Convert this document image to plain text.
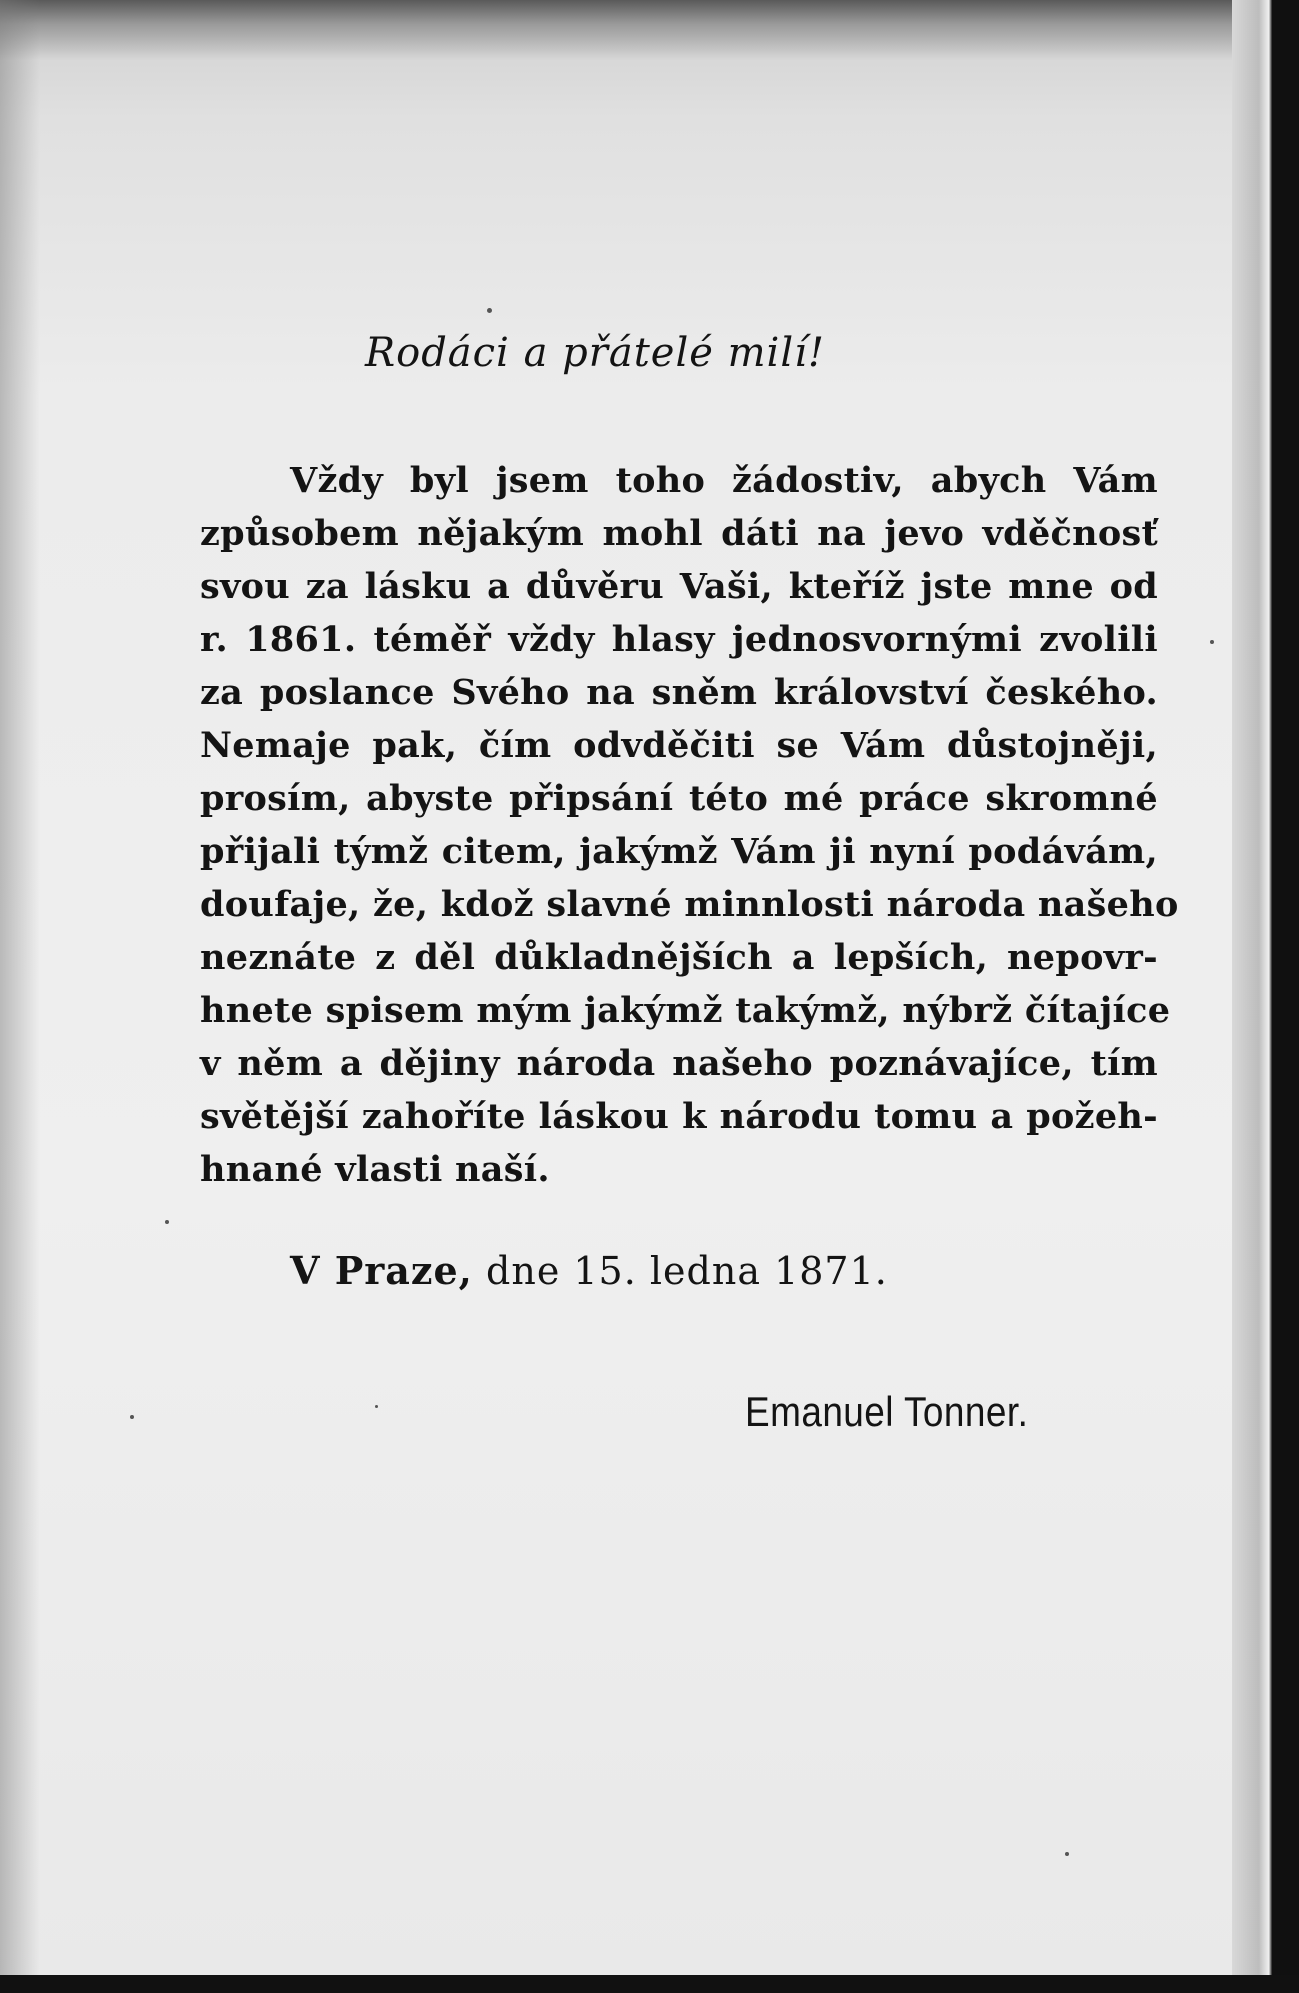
Rodáci a přátelé milí!
Vždy byl jsem toho žádostiv, abych Vám
způsobem nějakým mohl dáti na jevo vděčnosť
svou za lásku a důvěru Vaši, kteříž jste mne od
r. 1861. téměř vždy hlasy jednosvornými zvolili
za poslance Svého na sněm království českého.
Nemaje pak, čím odvděčiti se Vám důstojněji,
prosím, abyste připsání této mé práce skromné
přijali týmž citem, jakýmž Vám ji nyní podávám,
doufaje, že, kdož slavné minnlosti národa našeho
neznáte z děl důkladnějších a lepších, nepovr-
hnete spisem mým jakýmž takýmž, nýbrž čítajíce
v něm a dějiny národa našeho poznávajíce, tím
světější zahoříte láskou k národu tomu a požeh-
hnané vlasti naší.
V Praze, dne 15. ledna 1871.
Emanuel Tonner.
